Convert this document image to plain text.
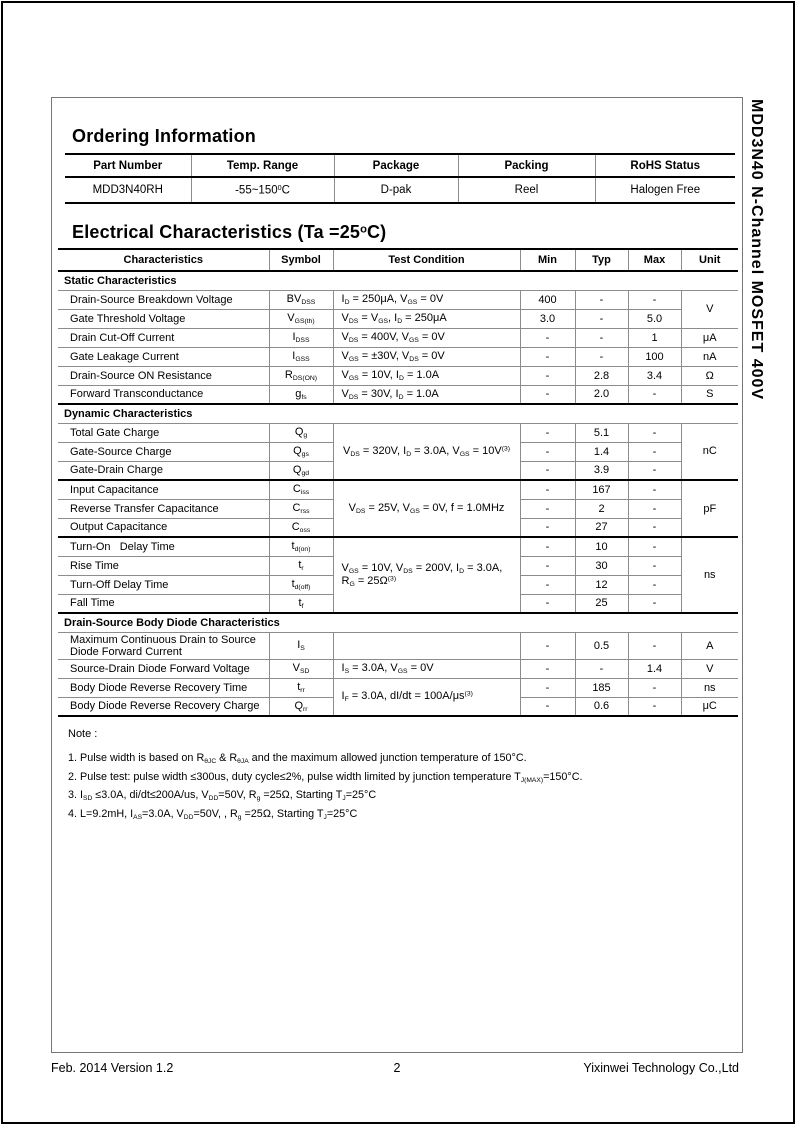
MDD3N40 N-Channel MOSFET 400V
Ordering Information
Part Number	Temp. Range	Package	Packing	RoHS Status
MDD3N40RH	$-55\sim 150^0C$	D-pak	Reel	Halogen Free
Electrical Characteristics $(Ta =25^oC)$
Characteristics	Symbol	Test Condition	Min	Typ	Max	Unit
Static Characteristics						
Drain-Source Breakdown Voltage	$BV_{DSS}$	$I_D = 250\mu A$, $V_{GS} = 0V$	400	-	-	V
Gate Threshold Voltage	$V_{GS(th)}$	$V_{DS} = V_{GS}$, $I_D = 250\mu A$	3.0	-	5.0	
Drain Cut-Off Current	$I_{DSS}$	$V_{DS} = 400V$, $V_{GS} = 0V$	-	-	1	μA
Gate Leakage Current	$I_{GSS}$	$V_{GS} = \pm 30V$, $V_{DS} = 0V$	-	-	100	nA
Drain-Source ON Resistance	$R_{DS(ON)}$	$V_{GS} = 10V$, $I_D = 1.0A$	-	2.8	3.4	Ω
Forward Transconductance	$g_{fs}$	$V_{DS} = 30V$, $I_D = 1.0A$	-	2.0	-	S
Dynamic Characteristics						
Total Gate Charge	$Q_g$	$V_{DS} = 320V$, $I_D = 3.0A$, $V_{GS} = 10V^{(3)}$	-	5.1	-	nC
Gate-Source Charge	$Q_{gs}$		-	1.4	-	
Gate-Drain Charge	$Q_{gd}$		-	3.9	-	
Input Capacitance	$C_{iss}$	$V_{DS} = 25V$, $V_{GS} = 0V$, f = 1.0MHz	-	167	-	pF
Reverse Transfer Capacitance	$C_{rss}$		-	2	-	
Output Capacitance	$C_{oss}$		-	27	-	
Turn-On   Delay Time	$t_{d(on)}$	$V_{GS} = 10V$, $V_{DS} = 200V$, $I_D = 3.0A$, $R_G = 25\Omega^{(3)}$	-	10	-	ns
Rise Time	$t_r$		-	30	-	
Turn-Off Delay Time	$t_{d(off)}$		-	12	-	
Fall Time	$t_f$		-	25	-	
Drain-Source Body Diode Characteristics						
Maximum Continuous Drain to Source Diode Forward Current	$I_S$		-	0.5	-	A
Source-Drain Diode Forward Voltage	$V_{SD}$	$I_S = 3.0A$, $V_{GS} = 0V$	-	-	1.4	V
Body Diode Reverse Recovery Time	$t_{rr}$	$I_F = 3.0A$, $dI/dt = 100A/\mu s^{(3)}$	-	185	-	ns
Body Diode Reverse Recovery Charge	$Q_{rr}$		-	0.6	-	μC
Note :
1. Pulse width is based on $R_{\theta JC}$ & $R_{\theta JA}$ and the maximum allowed junction temperature of 150°C.
2. Pulse test: pulse width ≤300us, duty cycle≤2%, pulse width limited by junction temperature $T_{J(MAX)}=150^\circ C$.
3. $I_{SD} \le 3.0A$, di/dt≤200A/us, $V_{DD}=50V$, $R_g =25\Omega$, Starting $T_J=25^\circ C$
4. L=9.2mH, $I_{AS}=3.0A$, $V_{DD}=50V$, , $R_g =25\Omega$, Starting $T_J=25^\circ C$
Feb. 2014 Version 1.2	2	Yixinwei Technology Co.,Ltd
